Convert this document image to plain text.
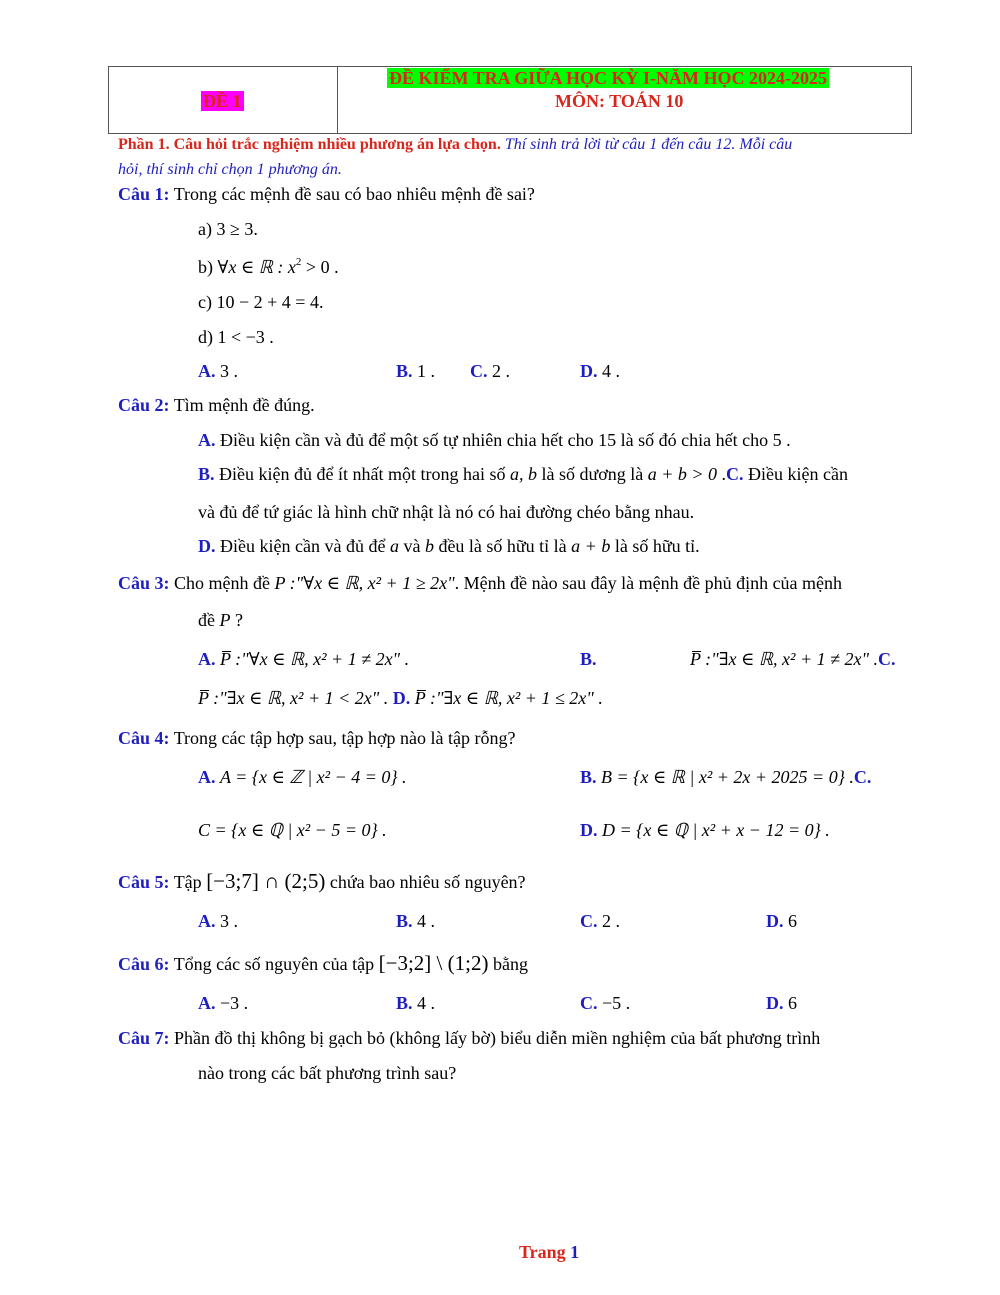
ĐỀ 1
ĐỀ KIỂM TRA GIỮA HỌC KỲ I-NĂM HỌC 2024-2025
MÔN: TOÁN 10
Phần 1. Câu hỏi trắc nghiệm nhiều phương án lựa chọn. Thí sinh trả lời từ câu 1 đến câu 12. Mỗi câu
hỏi, thí sinh chỉ chọn 1 phương án.
Câu 1: Trong các mệnh đề sau có bao nhiêu mệnh đề sai?
a) 3 ≥ 3.
b) ∀x ∈ ℝ : $x^2 > 0$ .
c) 10 − 2 + 4 = 4.
d) 1 < −3 .
A. 3 .	B. 1 . C. 2 .	D. 4 .
Câu 2: Tìm mệnh đề đúng.
A. Điều kiện cần và đủ để một số tự nhiên chia hết cho 15 là số đó chia hết cho 5 .
B. Điều kiện đủ để ít nhất một trong hai số a, b là số dương là a + b > 0 .C. Điều kiện cần
và đủ để tứ giác là hình chữ nhật là nó có hai đường chéo bằng nhau.
D. Điều kiện cần và đủ để a và b đều là số hữu tỉ là a + b là số hữu tỉ.
Câu 3: Cho mệnh đề P :"∀x ∈ ℝ, x² + 1 ≥ 2x". Mệnh đề nào sau đây là mệnh đề phủ định của mệnh
đề P ?
A. P̅ :"∀x ∈ ℝ, x² + 1 ≠ 2x" .	B.	P̅ :"∃x ∈ ℝ, x² + 1 ≠ 2x" .C.
P̅ :"∃x ∈ ℝ, x² + 1 < 2x" . D. P̅ :"∃x ∈ ℝ, x² + 1 ≤ 2x" .
Câu 4: Trong các tập hợp sau, tập hợp nào là tập rỗng?
A. A = {x ∈ ℤ | x² − 4 = 0} .	B. B = {x ∈ ℝ | x² + 2x + 2025 = 0} .C.
C = {x ∈ ℚ | x² − 5 = 0} .	D. D = {x ∈ ℚ | x² + x − 12 = 0} .
Câu 5: Tập [−3;7] ∩ (2;5) chứa bao nhiêu số nguyên?
A. 3 .	B. 4 .	C. 2 .	D. 6
Câu 6: Tổng các số nguyên của tập [−3;2] \ (1;2) bằng
A. −3 .	B. 4 .	C. −5 .	D. 6
Câu 7: Phần đồ thị không bị gạch bỏ (không lấy bờ) biểu diễn miền nghiệm của bất phương trình
nào trong các bất phương trình sau?
Trang 1
